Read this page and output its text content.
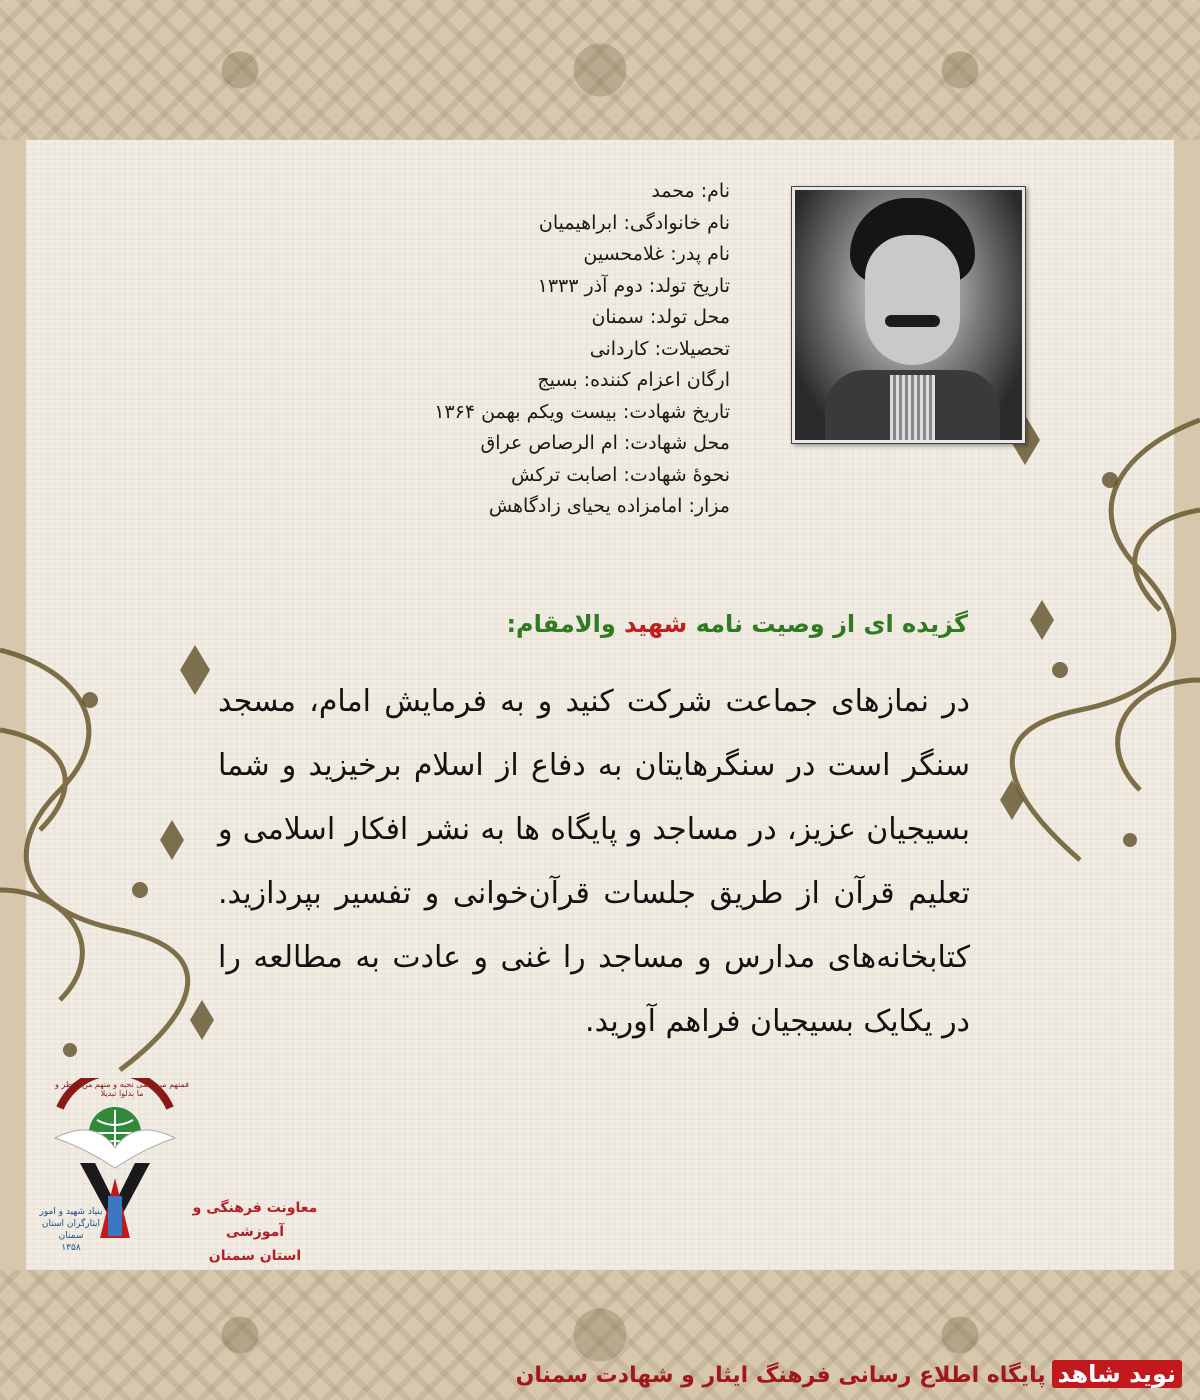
نام: محمد
نام خانوادگی: ابراهیمیان
نام پدر: غلامحسین
تاریخ تولد: دوم آذر ۱۳۳۳
محل تولد: سمنان
تحصیلات: کاردانی
ارگان اعزام کننده: بسیج
تاریخ شهادت: بیست ویکم بهمن ۱۳۶۴
محل شهادت: ام الرصاص عراق
نحوۀ شهادت: اصابت ترکش
مزار: امامزاده یحیای زادگاهش
گزیده ای از وصیت نامه شهید والامقام:
در نمازهای جماعت شرکت کنید و به فرمایش امام، مسجد سنگر است در سنگرهایتان به دفاع از اسلام برخیزید و شما بسیجیان عزیز، در مساجد و پایگاه ها به نشر افکار اسلامی و تعلیم قرآن از طریق جلسات قرآن‌خوانی و تفسیر بپردازید. کتابخانه‌های مدارس و مساجد را غنی و عادت به مطالعه را در یکایک بسیجیان فراهم آورید.
فمنهم من قضی نحبه و منهم من ینتظر و ما بدلوا تبدیلا
بنیاد شهید و امور ایثارگران استان سمنان
۱۳۵۸
معاونت فرهنگی و آموزشی
استان سمنان
نوید شاهدپایگاه اطلاع رسانی فرهنگ ایثار و شهادت سمنان
